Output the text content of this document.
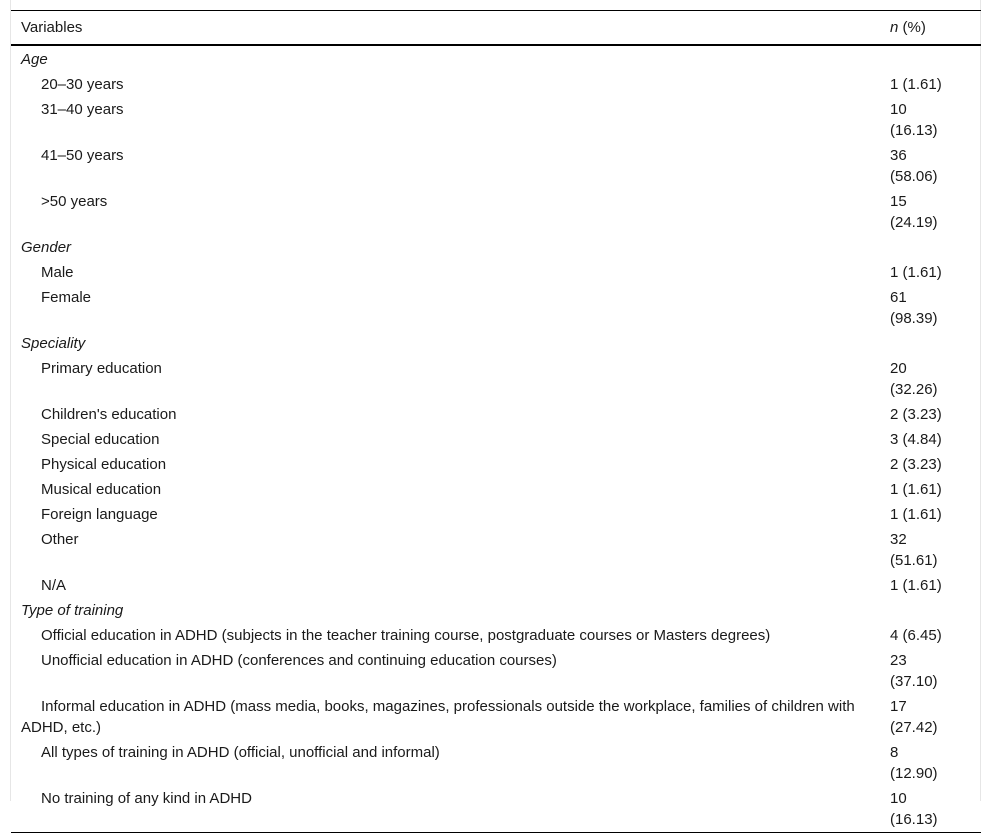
Variables	n (%)
Age	
20–30 years	1 (1.61)
31–40 years	10
(16.13)
41–50 years	36
(58.06)
>50 years	15
(24.19)
Gender	
Male	1 (1.61)
Female	61
(98.39)
Speciality	
Primary education	20
(32.26)
Children's education	2 (3.23)
Special education	3 (4.84)
Physical education	2 (3.23)
Musical education	1 (1.61)
Foreign language	1 (1.61)
Other	32
(51.61)
N/A	1 (1.61)
Type of training	
Official education in ADHD (subjects in the teacher training course, postgraduate courses or Masters degrees)	4 (6.45)
Unofficial education in ADHD (conferences and continuing education courses)	23
(37.10)
Informal education in ADHD (mass media, books, magazines, professionals outside the workplace, families of children with ADHD, etc.)	17
(27.42)
All types of training in ADHD (official, unofficial and informal)	8
(12.90)
No training of any kind in ADHD	10
(16.13)
